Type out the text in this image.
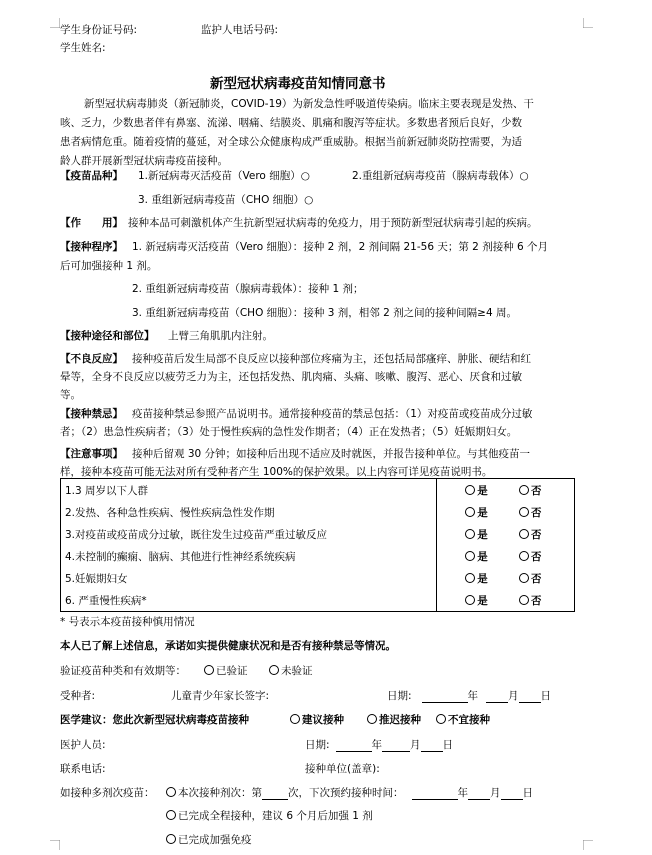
学生身份证号码:	监护人电话号码:
学生姓名:
新型冠状病毒疫苗知情同意书
新型冠状病毒肺炎（新冠肺炎，COVID-19）为新发急性呼吸道传染病。临床主要表现是发热、干
咳、乏力，少数患者伴有鼻塞、流涕、咽痛、结膜炎、肌痛和腹泻等症状。多数患者预后良好，少数
患者病情危重。随着疫情的蔓延，对全球公众健康构成严重威胁。根据当前新冠肺炎防控需要，为适
龄人群开展新型冠状病毒疫苗接种。
【疫苗品种】 1.新冠病毒灭活疫苗（Vero 细胞）○	2.重组新冠病毒疫苗（腺病毒载体）○
3. 重组新冠病毒疫苗（CHO 细胞）○
【作　　用】 接种本品可刺激机体产生抗新型冠状病毒的免疫力，用于预防新型冠状病毒引起的疾病。
【接种程序】 1. 新冠病毒灭活疫苗（Vero 细胞）：接种 2 剂，2 剂间隔 21-56 天；第 2 剂接种 6 个月
后可加强接种 1 剂。
2. 重组新冠病毒疫苗（腺病毒载体）：接种 1 剂；
3. 重组新冠病毒疫苗（CHO 细胞）：接种 3 剂，相邻 2 剂之间的接种间隔≥4 周。
【接种途径和部位】 上臂三角肌肌内注射。
【不良反应】 接种疫苗后发生局部不良反应以接种部位疼痛为主，还包括局部瘙痒、肿胀、硬结和红
晕等，全身不良反应以疲劳乏力为主，还包括发热、肌肉痛、头痛、咳嗽、腹泻、恶心、厌食和过敏
等。
【接种禁忌】 疫苗接种禁忌参照产品说明书。通常接种疫苗的禁忌包括：（1）对疫苗或疫苗成分过敏
者；（2）患急性疾病者；（3）处于慢性疾病的急性发作期者；（4）正在发热者；（5）妊娠期妇女。
【注意事项】 接种后留观 30 分钟；如接种后出现不适应及时就医，并报告接种单位。与其他疫苗一
样，接种本疫苗可能无法对所有受种者产生 100%的保护效果。以上内容可详见疫苗说明书。
1.3 周岁以下人群	是 否
2.发热、各种急性疾病、慢性疾病急性发作期	是 否
3.对疫苗或疫苗成分过敏，既往发生过疫苗严重过敏反应	是 否
4.未控制的癫痫、脑病、其他进行性神经系统疾病	是 否
5.妊娠期妇女	是 否
6. 严重慢性疾病*	是 否
* 号表示本疫苗接种慎用情况
本人已了解上述信息，承诺如实提供健康状况和是否有接种禁忌等情况。
验证疫苗种类和有效期等：	已验证	未验证
受种者:	儿童青少年家长签字:	日期:	年	月 日
医学建议：您此次新型冠状病毒疫苗接种	建议接种	推迟接种	不宜接种
医护人员:	日期:	年	月 日
联系电话:	接种单位(盖章):
如接种多剂次疫苗：	本次接种剂次：第 次，下次预约接种时间：	年 月 日
已完成全程接种，建议 6 个月后加强 1 剂
已完成加强免疫
